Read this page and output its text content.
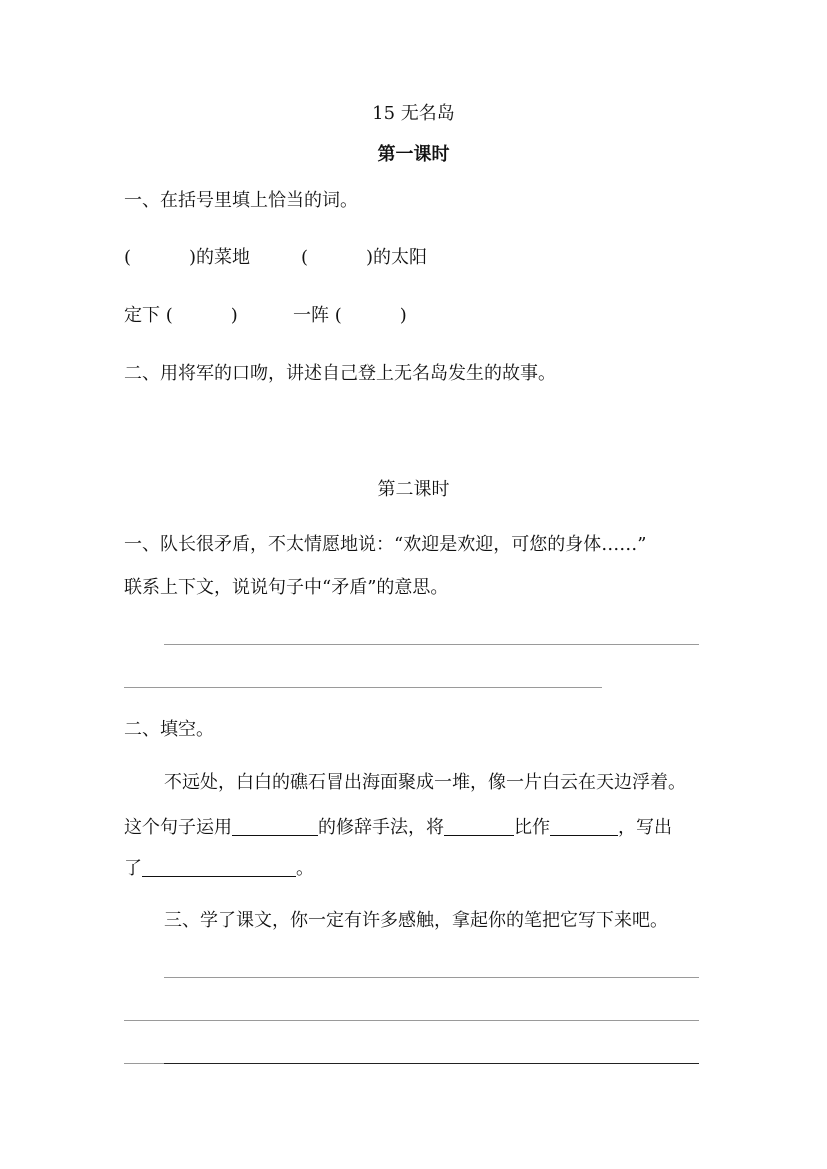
15 无名岛
第一课时
一、在括号里填上恰当的词。
(	)的菜地	(	)的太阳
定下 (	)	一阵 (	)
二、用将军的口吻，讲述自己登上无名岛发生的故事。
第二课时
一、队长很矛盾，不太情愿地说：“欢迎是欢迎，可您的身体……”
联系上下文，说说句子中“矛盾”的意思。
二、填空。
不远处，白白的礁石冒出海面聚成一堆，像一片白云在天边浮着。
这个句子运用	的修辞手法，将	比作	，写出
了	。
三、学了课文，你一定有许多感触，拿起你的笔把它写下来吧。
